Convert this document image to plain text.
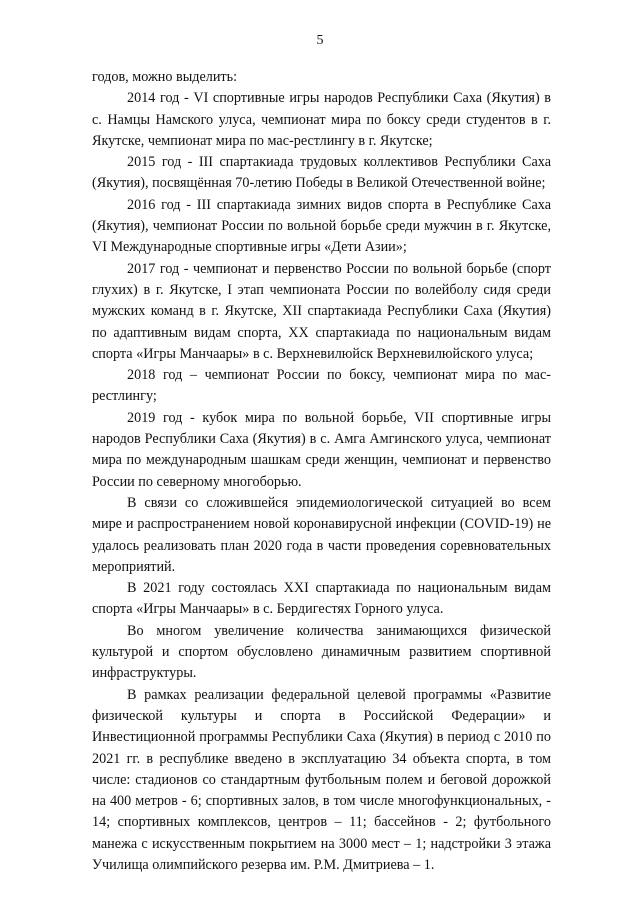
5

годов, можно выделить:

2014 год - VI спортивные игры народов Республики Саха (Якутия) в с. Намцы Намского улуса, чемпионат мира по боксу среди студентов в г. Якутске, чемпионат мира по мас-рестлингу в г. Якутске;

2015 год - III спартакиада трудовых коллективов Республики Саха (Якутия), посвящённая 70-летию Победы в Великой Отечественной войне;

2016 год - III спартакиада зимних видов спорта в Республике Саха (Якутия), чемпионат России по вольной борьбе среди мужчин в г. Якутске, VI Международные спортивные игры «Дети Азии»;

2017 год - чемпионат и первенство России по вольной борьбе (спорт глухих) в г. Якутске, I этап чемпионата России по волейболу сидя среди мужских команд в г. Якутске, XII спартакиада Республики Саха (Якутия) по адаптивным видам спорта, XX спартакиада по национальным видам спорта «Игры Манчаары» в с. Верхневилюйск Верхневилюйского улуса;

2018 год – чемпионат России по боксу, чемпионат мира по мас-рестлингу;

2019 год - кубок мира по вольной борьбе, VII спортивные игры народов Республики Саха (Якутия) в с. Амга Амгинского улуса, чемпионат мира по международным шашкам среди женщин, чемпионат и первенство России по северному многоборью.

В связи со сложившейся эпидемиологической ситуацией во всем мире и распространением новой коронавирусной инфекции (COVID-19) не удалось реализовать план 2020 года в части проведения соревновательных мероприятий.

В 2021 году состоялась XXI спартакиада по национальным видам спорта «Игры Манчаары» в с. Бердигестях Горного улуса.

Во многом увеличение количества занимающихся физической культурой и спортом обусловлено динамичным развитием спортивной инфраструктуры.

В рамках реализации федеральной целевой программы «Развитие физической культуры и спорта в Российской Федерации» и Инвестиционной программы Республики Саха (Якутия) в период с 2010 по 2021 гг. в республике введено в эксплуатацию 34 объекта спорта, в том числе: стадионов со стандартным футбольным полем и беговой дорожкой на 400 метров - 6; спортивных залов, в том числе многофункциональных, - 14; спортивных комплексов, центров – 11; бассейнов - 2; футбольного манежа с искусственным покрытием на 3000 мест – 1; надстройки 3 этажа Училища олимпийского резерва им. Р.М. Дмитриева – 1.
